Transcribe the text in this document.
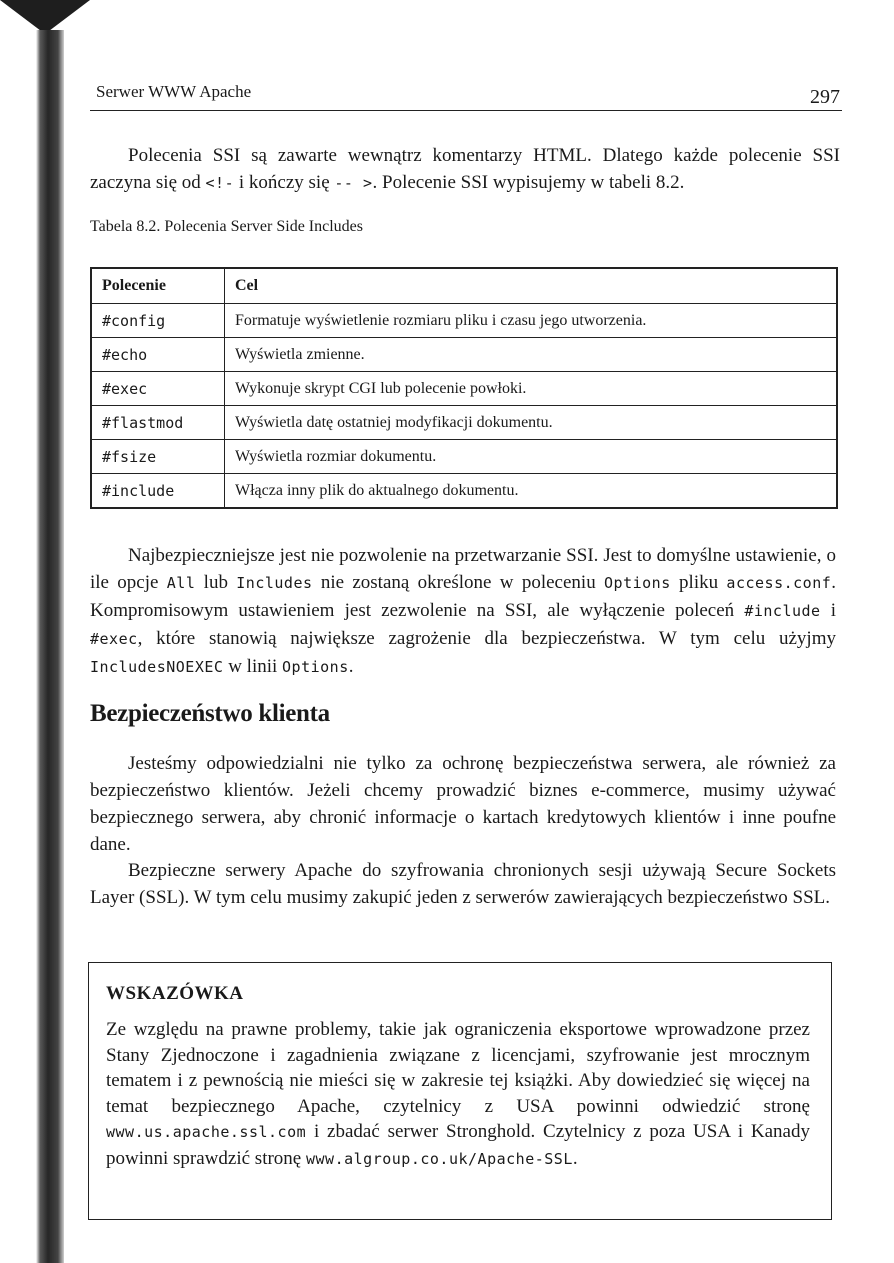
Serwer WWW Apache	297

Polecenia SSI są zawarte wewnątrz komentarzy HTML. Dlatego każde polecenie SSI zaczyna się od <!- i kończy się -- >. Polecenie SSI wypisujemy w tabeli 8.2.

Tabela 8.2. Polecenia Server Side Includes
Polecenie	Cel
#config	Formatuje wyświetlenie rozmiaru pliku i czasu jego utworzenia.
#echo	Wyświetla zmienne.
#exec	Wykonuje skrypt CGI lub polecenie powłoki.
#flastmod	Wyświetla datę ostatniej modyfikacji dokumentu.
#fsize	Wyświetla rozmiar dokumentu.
#include	Włącza inny plik do aktualnego dokumentu.

Najbezpieczniejsze jest nie pozwolenie na przetwarzanie SSI. Jest to domyślne ustawienie, o ile opcje All lub Includes nie zostaną określone w poleceniu Options pliku access.conf. Kompromisowym ustawieniem jest zezwolenie na SSI, ale wyłączenie poleceń #include i #exec, które stanowią największe zagrożenie dla bezpieczeństwa. W tym celu użyjmy IncludesNOEXEC w linii Options.

Bezpieczeństwo klienta

Jesteśmy odpowiedzialni nie tylko za ochronę bezpieczeństwa serwera, ale również za bezpieczeństwo klientów. Jeżeli chcemy prowadzić biznes e-commerce, musimy używać bezpiecznego serwera, aby chronić informacje o kartach kredytowych klientów i inne poufne dane.

Bezpieczne serwery Apache do szyfrowania chronionych sesji używają Secure Sockets Layer (SSL). W tym celu musimy zakupić jeden z serwerów zawierających bezpieczeństwo SSL.

WSKAZÓWKA

Ze względu na prawne problemy, takie jak ograniczenia eksportowe wprowadzone przez Stany Zjednoczone i zagadnienia związane z licencjami, szyfrowanie jest mrocznym tematem i z pewnością nie mieści się w zakresie tej książki. Aby dowiedzieć się więcej na temat bezpiecznego Apache, czytelnicy z USA powinni odwiedzić stronę www.us.apache.ssl.com i zbadać serwer Stronghold. Czytelnicy z poza USA i Kanady powinni sprawdzić stronę www.algroup.co.uk/Apache-SSL.
